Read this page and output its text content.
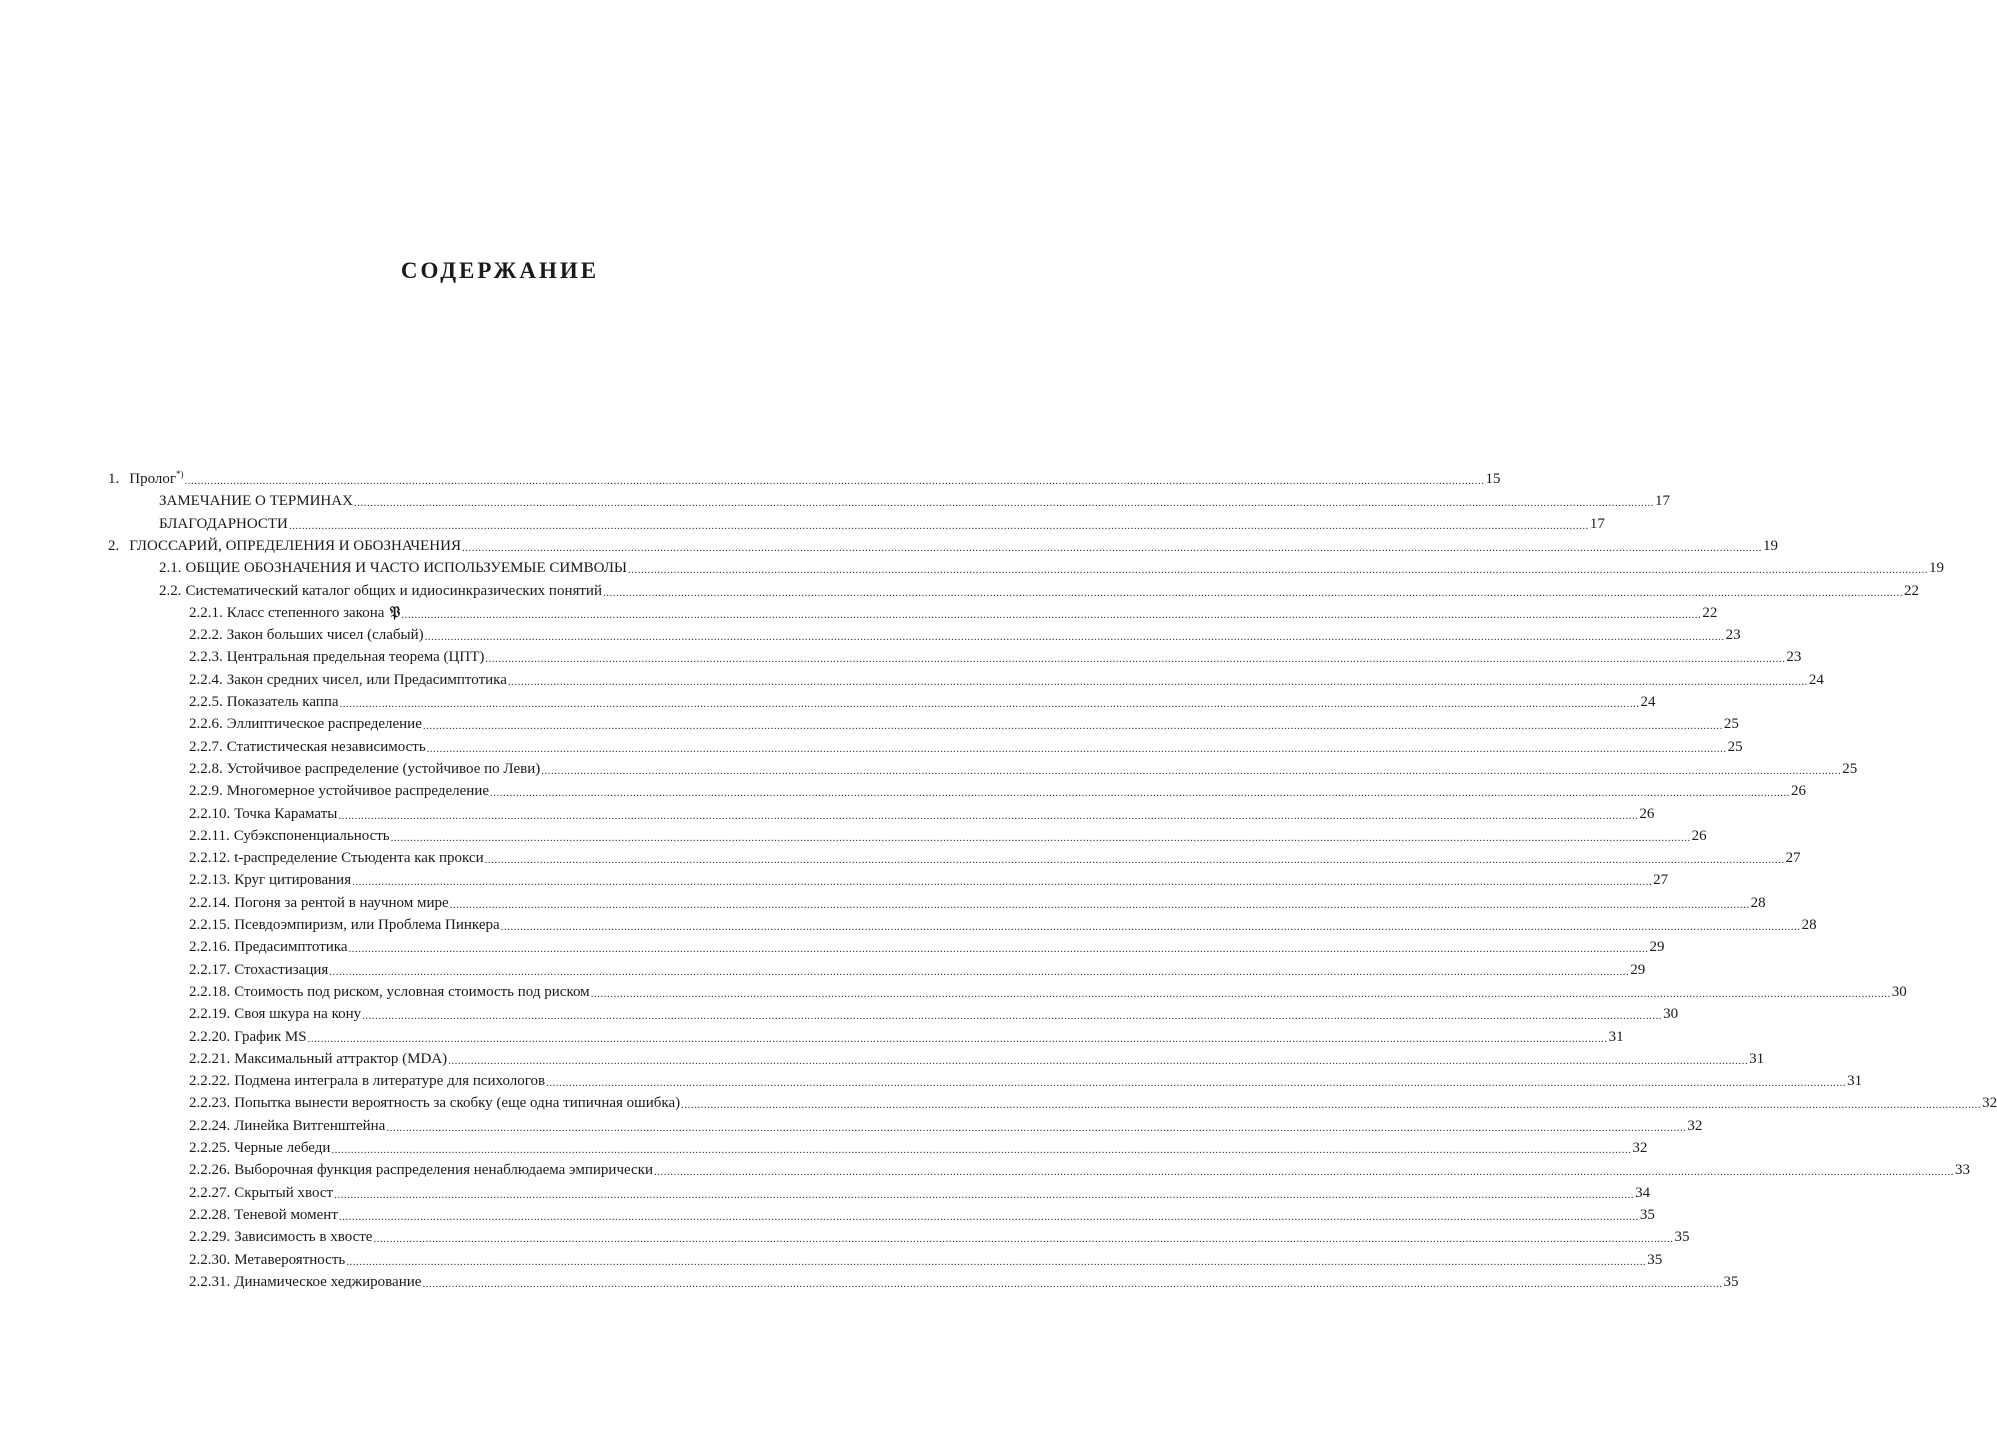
СОДЕРЖАНИЕ
1. Пролог*)
................................................................................................................................................................................................................................................................................................................................................................................................................ 15
ЗАМЕЧАНИЕ О ТЕРМИНАХ ................................................................................................................................................................................................................................................................................................................................................................................................................ 17
БЛАГОДАРНОСТИ ................................................................................................................................................................................................................................................................................................................................................................................................................ 17
2. ГЛОССАРИЙ, ОПРЕДЕЛЕНИЯ И ОБОЗНАЧЕНИЯ ................................................................................................................................................................................................................................................................................................................................................................................................................ 19
2.1. ОБЩИЕ ОБОЗНАЧЕНИЯ И ЧАСТО ИСПОЛЬЗУЕМЫЕ СИМВОЛЫ ................................................................................................................................................................................................................................................................................................................................................................................................................ 19
2.2. Систематический каталог общих и идиосинкразических понятий ................................................................................................................................................................................................................................................................................................................................................................................................................ 22
2.2.1. Класс степенного закона 𝔓 ................................................................................................................................................................................................................................................................................................................................................................................................................ 22
2.2.2. Закон больших чисел (слабый) ................................................................................................................................................................................................................................................................................................................................................................................................................ 23
2.2.3. Центральная предельная теорема (ЦПТ) ................................................................................................................................................................................................................................................................................................................................................................................................................ 23
2.2.4. Закон средних чисел, или Предасимптотика ................................................................................................................................................................................................................................................................................................................................................................................................................ 24
2.2.5. Показатель каппа ................................................................................................................................................................................................................................................................................................................................................................................................................ 24
2.2.6. Эллиптическое распределение ................................................................................................................................................................................................................................................................................................................................................................................................................ 25
2.2.7. Статистическая независимость ................................................................................................................................................................................................................................................................................................................................................................................................................ 25
2.2.8. Устойчивое распределение (устойчивое по Леви) ................................................................................................................................................................................................................................................................................................................................................................................................................ 25
2.2.9. Многомерное устойчивое распределение ................................................................................................................................................................................................................................................................................................................................................................................................................ 26
2.2.10. Точка Караматы ................................................................................................................................................................................................................................................................................................................................................................................................................ 26
2.2.11. Субэкспоненциальность ................................................................................................................................................................................................................................................................................................................................................................................................................ 26
2.2.12. t-распределение Стьюдента как прокси ................................................................................................................................................................................................................................................................................................................................................................................................................ 27
2.2.13. Круг цитирования ................................................................................................................................................................................................................................................................................................................................................................................................................ 27
2.2.14. Погоня за рентой в научном мире ................................................................................................................................................................................................................................................................................................................................................................................................................ 28
2.2.15. Псевдоэмпиризм, или Проблема Пинкера ................................................................................................................................................................................................................................................................................................................................................................................................................ 28
2.2.16. Предасимптотика ................................................................................................................................................................................................................................................................................................................................................................................................................ 29
2.2.17. Стохастизация ................................................................................................................................................................................................................................................................................................................................................................................................................ 29
2.2.18. Стоимость под риском, условная стоимость под риском ................................................................................................................................................................................................................................................................................................................................................................................................................ 30
2.2.19. Своя шкура на кону ................................................................................................................................................................................................................................................................................................................................................................................................................ 30
2.2.20. График MS ................................................................................................................................................................................................................................................................................................................................................................................................................ 31
2.2.21. Максимальный аттрактор (MDA) ................................................................................................................................................................................................................................................................................................................................................................................................................ 31
2.2.22. Подмена интеграла в литературе для психологов ................................................................................................................................................................................................................................................................................................................................................................................................................ 31
2.2.23. Попытка вынести вероятность за скобку (еще одна типичная ошибка) ................................................................................................................................................................................................................................................................................................................................................................................................................ 32
2.2.24. Линейка Витгенштейна ................................................................................................................................................................................................................................................................................................................................................................................................................ 32
2.2.25. Черные лебеди ................................................................................................................................................................................................................................................................................................................................................................................................................ 32
2.2.26. Выборочная функция распределения ненаблюдаема эмпирически ................................................................................................................................................................................................................................................................................................................................................................................................................ 33
2.2.27. Скрытый хвост ................................................................................................................................................................................................................................................................................................................................................................................................................ 34
2.2.28. Теневой момент ................................................................................................................................................................................................................................................................................................................................................................................................................ 35
2.2.29. Зависимость в хвосте ................................................................................................................................................................................................................................................................................................................................................................................................................ 35
2.2.30. Метавероятность ................................................................................................................................................................................................................................................................................................................................................................................................................ 35
2.2.31. Динамическое хеджирование ................................................................................................................................................................................................................................................................................................................................................................................................................ 35
